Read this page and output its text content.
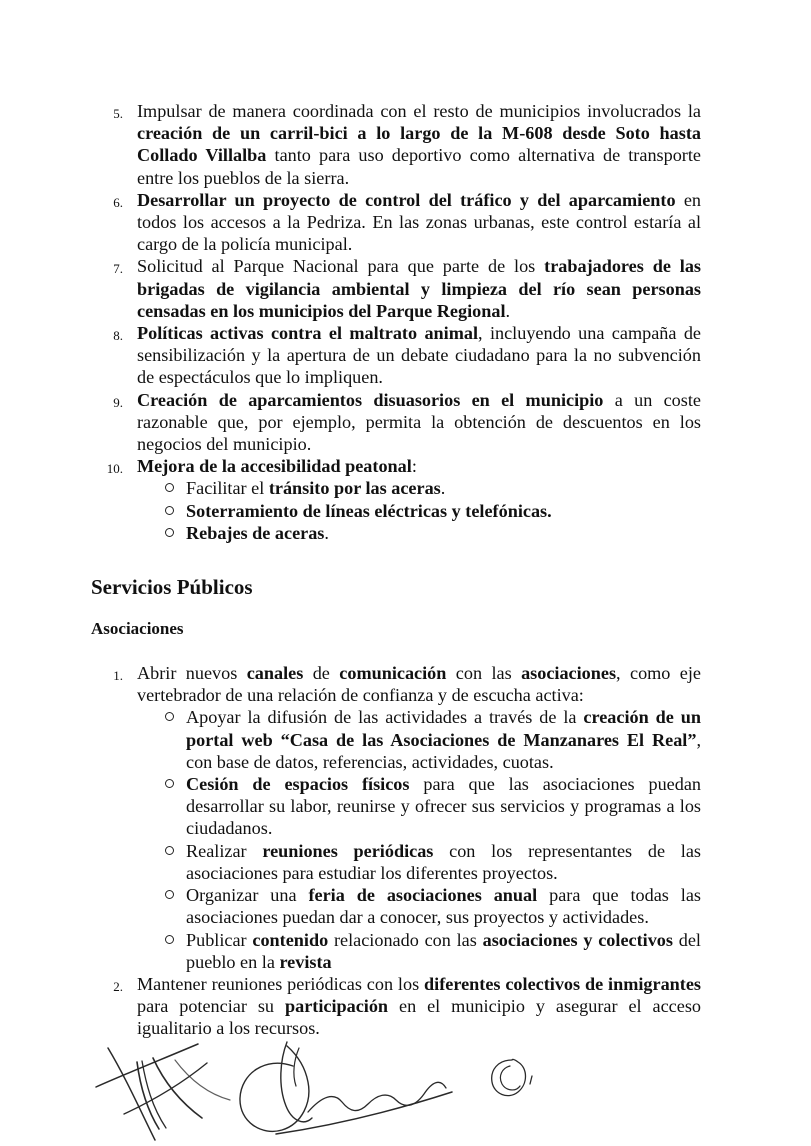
5. Impulsar de manera coordinada con el resto de municipios involucrados la creación de un carril-bici a lo largo de la M-608 desde Soto hasta Collado Villalba tanto para uso deportivo como alternativa de transporte entre los pueblos de la sierra.
6. Desarrollar un proyecto de control del tráfico y del aparcamiento en todos los accesos a la Pedriza. En las zonas urbanas, este control estaría al cargo de la policía municipal.
7. Solicitud al Parque Nacional para que parte de los trabajadores de las brigadas de vigilancia ambiental y limpieza del río sean personas censadas en los municipios del Parque Regional.
8. Políticas activas contra el maltrato animal, incluyendo una campaña de sensibilización y la apertura de un debate ciudadano para la no subvención de espectáculos que lo impliquen.
9. Creación de aparcamientos disuasorios en el municipio a un coste razonable que, por ejemplo, permita la obtención de descuentos en los negocios del municipio.
10. Mejora de la accesibilidad peatonal:
Facilitar el tránsito por las aceras.
Soterramiento de líneas eléctricas y telefónicas.
Rebajes de aceras.
Servicios Públicos
Asociaciones
1. Abrir nuevos canales de comunicación con las asociaciones, como eje vertebrador de una relación de confianza y de escucha activa:
Apoyar la difusión de las actividades a través de la creación de un portal web “Casa de las Asociaciones de Manzanares El Real”, con base de datos, referencias, actividades, cuotas.
Cesión de espacios físicos para que las asociaciones puedan desarrollar su labor, reunirse y ofrecer sus servicios y programas a los ciudadanos.
Realizar reuniones periódicas con los representantes de las asociaciones para estudiar los diferentes proyectos.
Organizar una feria de asociaciones anual para que todas las asociaciones puedan dar a conocer, sus proyectos y actividades.
Publicar contenido relacionado con las asociaciones y colectivos del pueblo en la revista
2. Mantener reuniones periódicas con los diferentes colectivos de inmigrantes para potenciar su participación en el municipio y asegurar el acceso igualitario a los recursos.
